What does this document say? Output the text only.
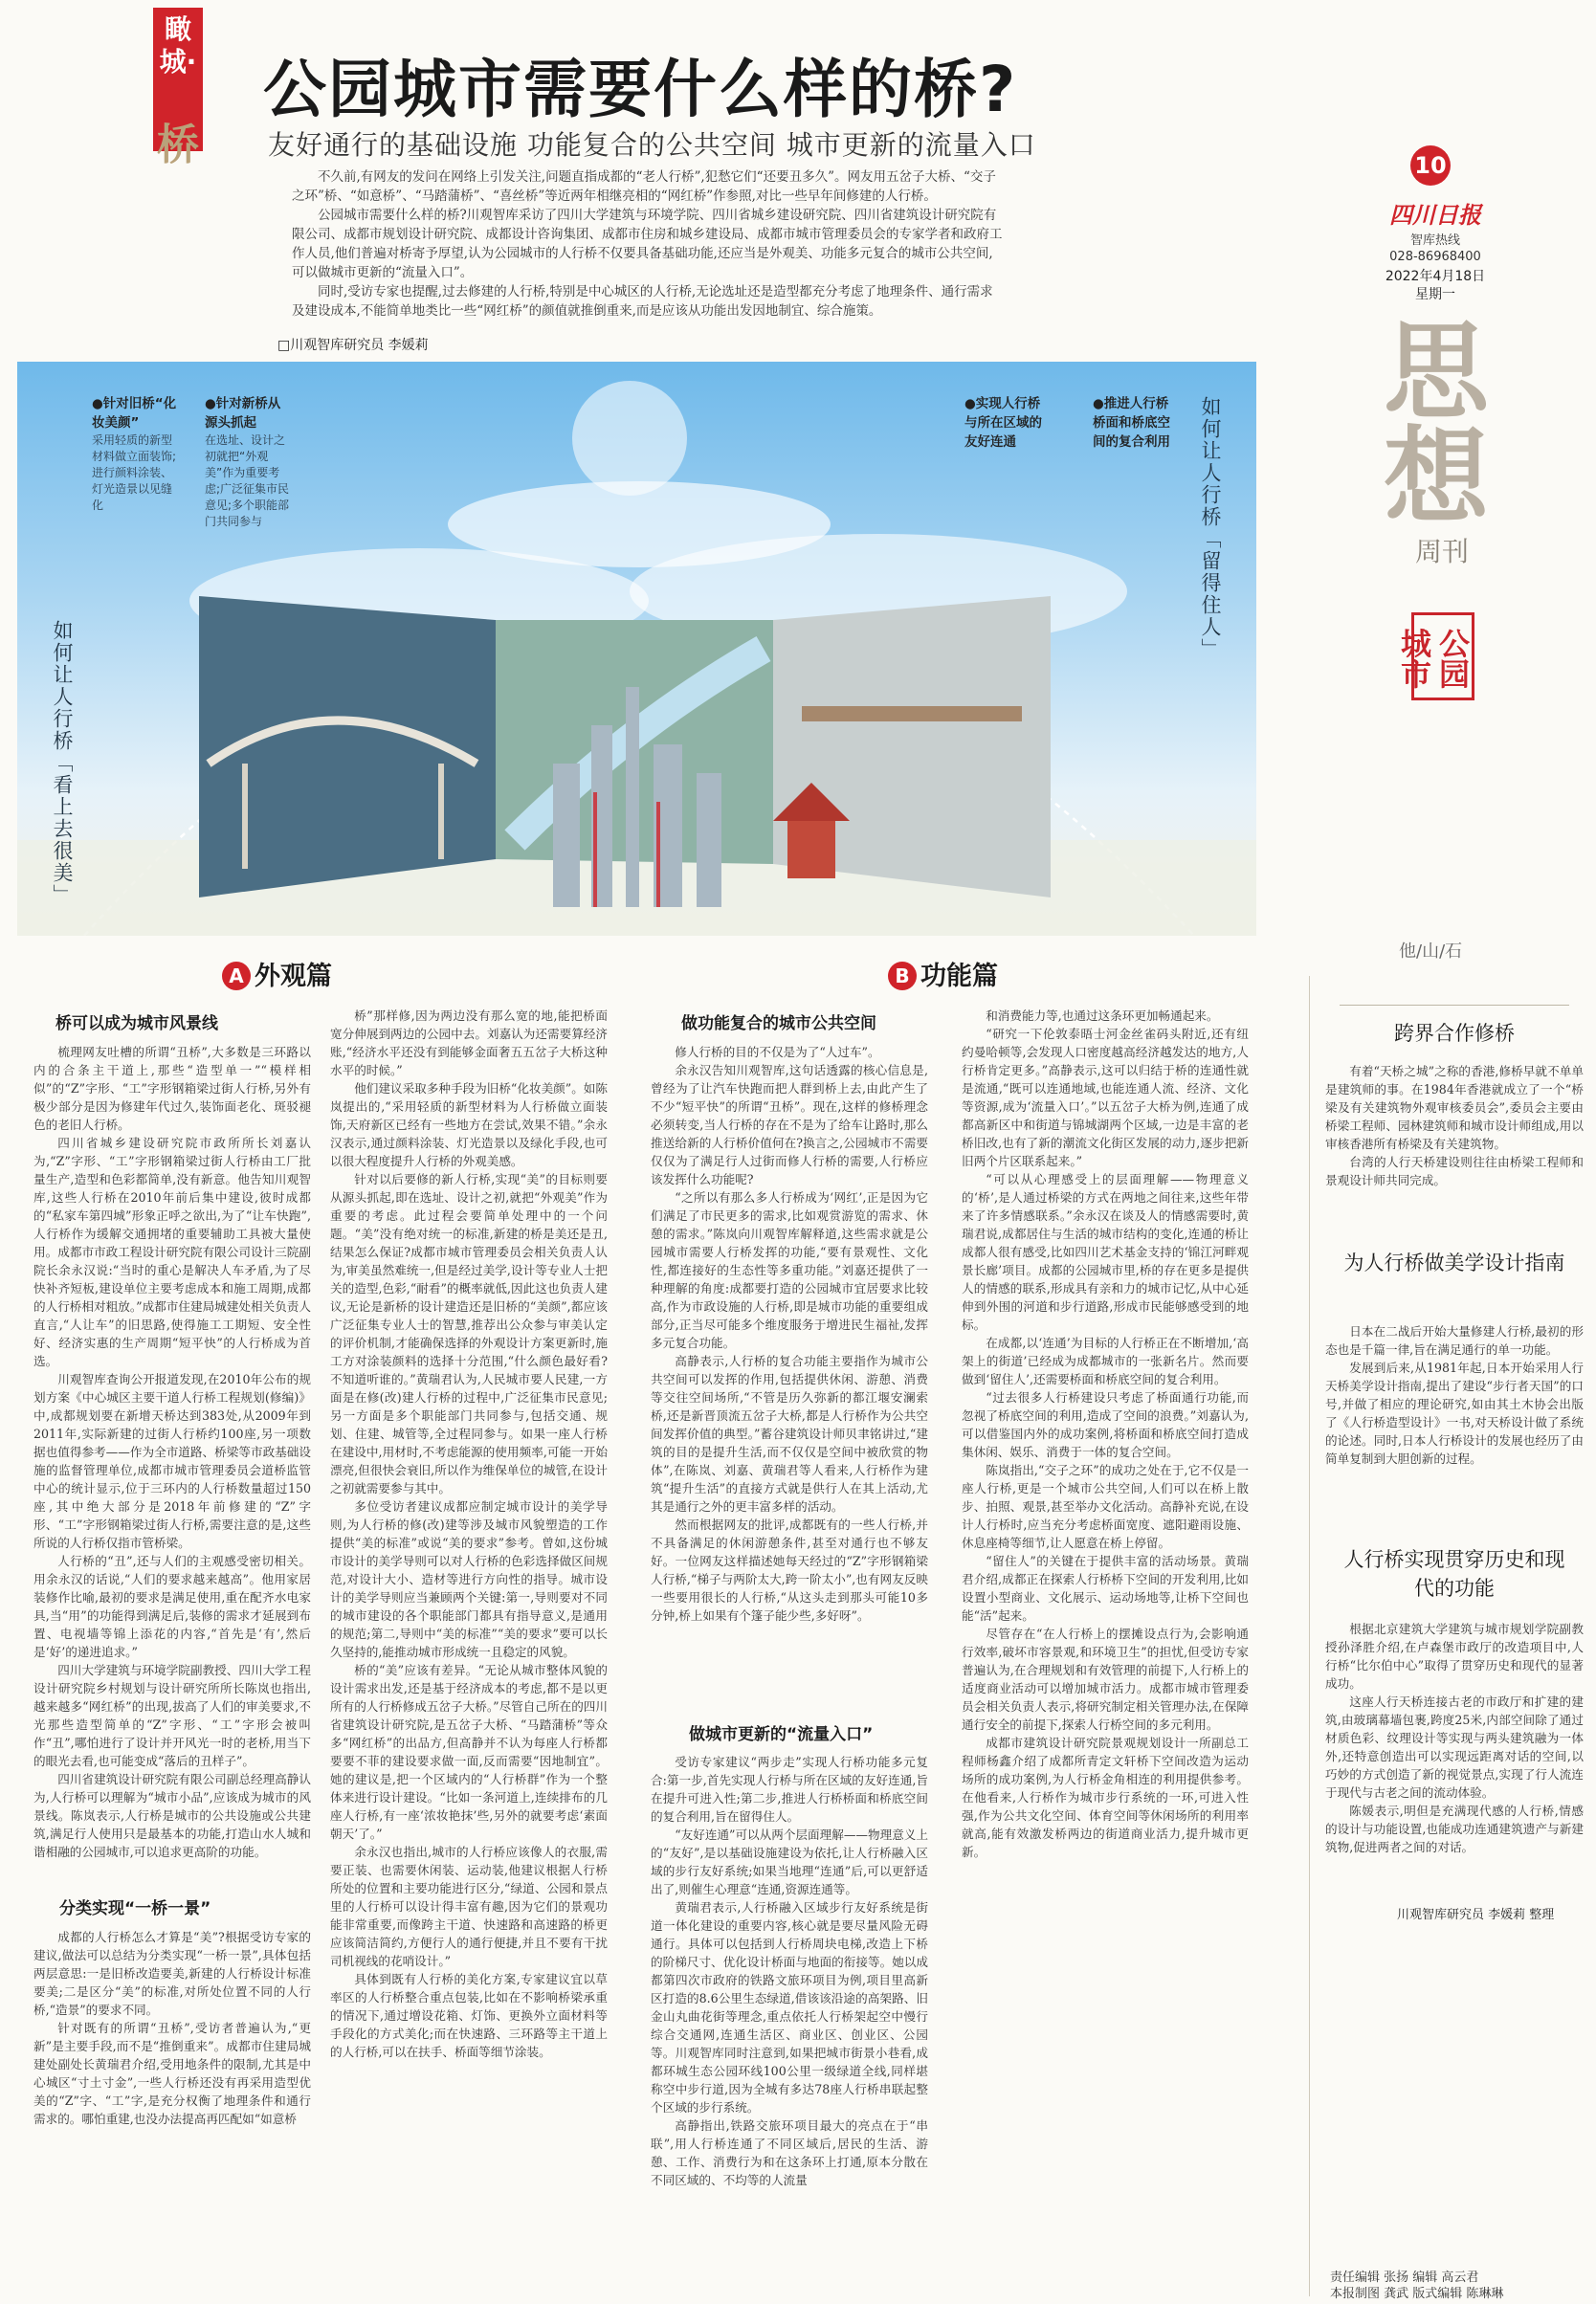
瞰城·
桥
公园城市需要什么样的桥?
友好通行的基础设施 功能复合的公共空间 城市更新的流量入口

不久前,有网友的发问在网络上引发关注,问题直指成都的“老人行桥”,犯愁它们“还要丑多久”。网友用五岔子大桥、“交子之环”桥、“如意桥”、“马踏蒲桥”、“喜丝桥”等近两年相继亮相的“网红桥”作参照,对比一些早年间修建的人行桥。

公园城市需要什么样的桥?川观智库采访了四川大学建筑与环境学院、四川省城乡建设研究院、四川省建筑设计研究院有限公司、成都市规划设计研究院、成都设计咨询集团、成都市住房和城乡建设局、成都市城市管理委员会的专家学者和政府工作人员,他们普遍对桥寄予厚望,认为公园城市的人行桥不仅要具备基础功能,还应当是外观美、功能多元复合的城市公共空间,可以做城市更新的“流量入口”。

同时,受访专家也提醒,过去修建的人行桥,特别是中心城区的人行桥,无论选址还是造型都充分考虑了地理条件、通行需求及建设成本,不能简单地类比一些“网红桥”的颜值就推倒重来,而是应该从功能出发因地制宜、综合施策。

□川观智库研究员 李媛莉
10
四川日报
智库热线
028-86968400
2022年4月18日
星期一
思想
周刊
公园城市
如何让人行桥「看上去很美」
●针对旧桥“化妆美颜”
采用轻质的新型材料做立面装饰;进行颜料涂装、灯光造景以见缝化
●针对新桥从源头抓起
在选址、设计之初就把“外观美”作为重要考虑;广泛征集市民意见;多个职能部门共同参与
●实现人行桥与所在区域的友好连通
●推进人行桥桥面和桥底空间的复合利用	如何让人行桥「留得住人」
A 外观篇	B 功能篇
桥可以成为城市风景线

梳理网友吐槽的所谓“丑桥”,大多数是三环路以内的合条主干道上,那些“造型单一”“模样相似”的“Z”字形、“工”字形钢箱梁过街人行桥,另外有极少部分是因为修建年代过久,装饰面老化、斑驳褪色的老旧人行桥。

四川省城乡建设研究院市政所所长刘嘉认为,“Z”字形、“工”字形钢箱梁过街人行桥由工厂批量生产,造型和色彩都简单,没有新意。他告知川观智库,这些人行桥在2010年前后集中建设,彼时成都的“私家车第四城”形象正呼之欲出,为了“让车快跑”,人行桥作为缓解交通拥堵的重要辅助工具被大量使用。成都市市政工程设计研究院有限公司设计三院副院长余永汉说:“当时的重心是解决人车矛盾,为了尽快补齐短板,建设单位主要考虑成本和施工周期,成都的人行桥相对粗放。”成都市住建局城建处相关负责人直言,“人让车”的旧思路,使得施工工期短、安全性好、经济实惠的生产周期“短平快”的人行桥成为首选。

川观智库查询公开报道发现,在2010年公布的规划方案《中心城区主要干道人行桥工程规划(修编)》中,成都规划要在新增天桥达到383处,从2009年到2011年,实际新建的过街人行桥约100座,另一项数据也值得参考——作为全市道路、桥梁等市政基础设施的监督管理单位,成都市城市管理委员会道桥监管中心的统计显示,位于三环内的人行桥数量超过150座,其中绝大部分是2018年前修建的“Z”字形、“工”字形钢箱梁过街人行桥,需要注意的是,这些所说的人行桥仅指市管桥梁。

人行桥的“丑”,还与人们的主观感受密切相关。用余永汉的话说,“人们的要求越来越高”。他用家居装修作比喻,最初的要求是满足使用,重在配齐水电家具,当“用”的功能得到满足后,装修的需求才延展到布置、电视墙等锦上添花的内容,“首先是‘有’,然后是‘好’的递进追求。”

四川大学建筑与环境学院副教授、四川大学工程设计研究院乡村规划与设计研究所所长陈岚也指出,越来越多“网红桥”的出现,拔高了人们的审美要求,不光那些造型简单的“Z”字形、“工”字形会被叫作“丑”,哪怕进行了设计并开风光一时的老桥,用当下的眼光去看,也可能变成“落后的丑样子”。

四川省建筑设计研究院有限公司副总经理高静认为,人行桥可以理解为“城市小品”,应该成为城市的风景线。陈岚表示,人行桥是城市的公共设施或公共建筑,满足行人使用只是最基本的功能,打造山水人城和谐相融的公园城市,可以追求更高阶的功能。

分类实现“一桥一景”

成都的人行桥怎么才算是“美”?根据受访专家的建议,做法可以总结为分类实现“一桥一景”,具体包括两层意思:一是旧桥改造要美,新建的人行桥设计标准要美;二是区分“美”的标准,对所处位置不同的人行桥,“造景”的要求不同。

针对既有的所谓“丑桥”,受访者普遍认为,“更新”是主要手段,而不是“推倒重来”。成都市住建局城建处副处长黄瑞君介绍,受用地条件的限制,尤其是中心城区“寸土寸金”,一些人行桥还没有再采用造型优美的“Z”字、“工”字,是充分权衡了地理条件和通行需求的。哪怕重建,也没办法提高再匹配如“如意桥

桥”那样修,因为两边没有那么宽的地,能把桥面宽分伸展到两边的公园中去。刘嘉认为还需要算经济账,“经济水平还没有到能够金面奢五五岔子大桥这种水平的时候。”

他们建议采取多种手段为旧桥“化妆美颜”。如陈岚提出的,“采用轻质的新型材料为人行桥做立面装饰,天府新区已经有一些地方在尝试,效果不错。”余永汉表示,通过颜料涂装、灯光造景以及绿化手段,也可以很大程度提升人行桥的外观美感。

针对以后要修的新人行桥,实现“美”的目标则要从源头抓起,即在选址、设计之初,就把“外观美”作为重要的考虑。此过程会要简单处理中的一个问题。“美”没有绝对统一的标准,新建的桥是美还是丑,结果怎么保证?成都市城市管理委员会相关负责人认为,审美虽然难统一,但是经过美学,设计等专业人士把关的造型,色彩,“耐看”的概率就低,因此这也负责人建议,无论是新桥的设计建造还是旧桥的“美颜”,都应该广泛征集专业人士的智慧,推荐出公众参与审美认定的评价机制,才能确保选择的外观设计方案更新时,施工方对涂装颜料的选择十分范围,“什么颜色最好看?不知道听谁的。”黄瑞君认为,人民城市要人民建,一方面是在修(改)建人行桥的过程中,广泛征集市民意见;另一方面是多个职能部门共同参与,包括交通、规划、住建、城管等,全过程同参与。如果一座人行桥在建设中,用材时,不考虑能源的使用频率,可能一开始漂亮,但很快会衰旧,所以作为维保单位的城管,在设计之初就需要参与其中。

多位受访者建议成都应制定城市设计的美学导则,为人行桥的修(改)建等涉及城市风貌塑造的工作提供“美的标准”或说“美的要求”参考。曾如,这份城市设计的美学导则可以对人行桥的色彩选择做区间规范,对设计大小、造材等进行方向性的指导。城市设计的美学导则应当兼顾两个关键:第一,导则要对不同的城市建设的各个职能部门都具有指导意义,是通用的规范;第二,导则中“美的标准”“美的要求”要可以长久坚持的,能推动城市形成统一且稳定的风貌。

桥的“美”应该有差异。“无论从城市整体风貌的设计需求出发,还是基于经济成本的考虑,都不是以更所有的人行桥修成五岔子大桥。”尽管自己所在的四川省建筑设计研究院,是五岔子大桥、“马踏蒲桥”等众多“网红桥”的出品方,但高静并不认为每座人行桥都要要不菲的建设要求做一面,反而需要“因地制宜”。她的建议是,把一个区域内的“人行桥群”作为一个整体来进行设计建设。“比如一条河道上,连续排布的几座人行桥,有一座‘浓妆艳抹’些,另外的就要考虑‘素面朝天’了。”

余永汉也指出,城市的人行桥应该像人的衣服,需要正装、也需要休闲装、运动装,他建议根据人行桥所处的位置和主要功能进行区分,“绿道、公园和景点里的人行桥可以设计得丰富有趣,因为它们的景观功能非常重要,而像跨主干道、快速路和高速路的桥更应该简洁简约,方便行人的通行便捷,并且不要有干扰司机视线的花哨设计。”

具体到既有人行桥的美化方案,专家建议宜以草率区的人行桥整合重点包装,比如在不影响桥梁承重的情况下,通过增设花箱、灯饰、更换外立面材料等手段化的方式美化;而在快速路、三环路等主干道上的人行桥,可以在扶手、桥面等细节涂装。

做功能复合的城市公共空间

修人行桥的目的不仅是为了“人过车”。

余永汉告知川观智库,这句话透露的核心信息是,曾经为了让汽车快跑而把人群到桥上去,由此产生了不少“短平快”的所谓“丑桥”。现在,这样的修桥理念必须转变,当人行桥的存在不是为了给车让路时,那么推送给新的人行桥价值何在?换言之,公园城市不需要仅仅为了满足行人过街而修人行桥的需要,人行桥应该发挥什么功能呢?

“之所以有那么多人行桥成为‘网红’,正是因为它们满足了市民更多的需求,比如观赏游览的需求、休憩的需求。”陈岚向川观智库解释道,这些需求就是公园城市需要人行桥发挥的功能,“要有景观性、文化性,都连接好的生态性等多重功能。”刘嘉还提供了一种理解的角度:成都要打造的公园城市宜居要求比较高,作为市政设施的人行桥,即是城市功能的重要组成部分,正当尽可能多个维度服务于增进民生福祉,发挥多元复合功能。

高静表示,人行桥的复合功能主要指作为城市公共空间可以发挥的作用,包括提供休闲、游憩、消费等交往空间场所,“不管是历久弥新的都江堰安澜索桥,还是新晋顶流五岔子大桥,都是人行桥作为公共空间发挥价值的典型。”蓄谷建筑设计师贝聿铭讲过,“建筑的目的是提升生活,而不仅仅是空间中被欣赏的物体”,在陈岚、刘嘉、黄瑞君等人看来,人行桥作为建筑“提升生活”的直接方式就是供行人在其上活动,尤其是通行之外的更丰富多样的活动。

然而根据网友的批评,成都既有的一些人行桥,并不具备满足的休闲游憩条件,甚至对通行也不够友好。一位网友这样描述她每天经过的“Z”字形钢箱梁人行桥,“梯子与两阶太大,跨一阶太小”,也有网友反映一些要用很长的人行桥,“从这头走到那头可能10多分钟,桥上如果有个篷子能少些,多好呀”。

做城市更新的“流量入口”

受访专家建议“两步走”实现人行桥功能多元复合:第一步,首先实现人行桥与所在区域的友好连通,旨在提升可进入性;第二步,推进人行桥桥面和桥底空间的复合利用,旨在留得住人。

“友好连通”可以从两个层面理解——物理意义上的“友好”,是以基础设施建设为依托,让人行桥融入区域的步行友好系统;如果当地理“连通”后,可以更舒适出了,则催生心理意“连通,资源连通等。

黄瑞君表示,人行桥融入区域步行友好系统是街道一体化建设的重要内容,核心就是要尽量风险无碍通行。具体可以包括到人行桥周块电梯,改造上下桥的阶梯尺寸、优化设计桥面与地面的衔接等。她以成都第四次市政府的铁路文旅环项目为例,项目里高新区打造的8.6公里生态绿道,借该该沿途的高架路、旧金山丸曲花街等理念,重点依托人行桥架起空中慢行综合交通网,连通生活区、商业区、创业区、公园等。川观智库同时注意到,如果把城市街景小巷看,成都环城生态公园环线100公里一级绿道全线,同样堪称空中步行道,因为全城有多达78座人行桥串联起整个区域的步行系统。

高静指出,铁路交旅环项目最大的亮点在于“串联”,用人行桥连通了不同区域后,居民的生活、游憩、工作、消费行为和在这条环上打通,原本分散在不同区域的、不均等的人流量

和消费能力等,也通过这条环更加畅通起来。

“研究一下伦敦泰晤士河金丝雀码头附近,还有纽约曼哈顿等,会发现人口密度越高经济越发达的地方,人行桥肯定更多。”高静表示,这可以归结于桥的连通性就是流通,“既可以连通地域,也能连通人流、经济、文化等资源,成为‘流量入口’。”以五岔子大桥为例,连通了成都高新区中和街道与锦城湖两个区域,一边是丰富的老桥旧改,也有了新的潮流文化街区发展的动力,逐步把新旧两个片区联系起来。”

“可以从心理感受上的层面理解——物理意义的‘桥’,是人通过桥梁的方式在两地之间往来,这些年带来了许多情感联系。”余永汉在谈及人的情感需要时,黄瑞君说,成都居住与生活的城市结构的变化,连通的桥让成都人很有感受,比如四川艺术基金支持的‘锦江河畔观景长廊’项目。成都的公园城市里,桥的存在更多是提供人的情感的联系,形成具有亲和力的城市记忆,从中心延伸到外围的河道和步行道路,形成市民能够感受到的地标。

在成都,以‘连通’为目标的人行桥正在不断增加,‘高架上的街道’已经成为成都城市的一张新名片。然而要做到‘留住人’,还需要桥面和桥底空间的复合利用。

“过去很多人行桥建设只考虑了桥面通行功能,而忽视了桥底空间的利用,造成了空间的浪费。”刘嘉认为,可以借鉴国内外的成功案例,将桥面和桥底空间打造成集休闲、娱乐、消费于一体的复合空间。

陈岚指出,“交子之环”的成功之处在于,它不仅是一座人行桥,更是一个城市公共空间,人们可以在桥上散步、拍照、观景,甚至举办文化活动。高静补充说,在设计人行桥时,应当充分考虑桥面宽度、遮阳避雨设施、休息座椅等细节,让人愿意在桥上停留。

“留住人”的关键在于提供丰富的活动场景。黄瑞君介绍,成都正在探索人行桥桥下空间的开发利用,比如设置小型商业、文化展示、运动场地等,让桥下空间也能“活”起来。

尽管存在“在人行桥上的摆摊设点行为,会影响通行效率,破坏市容景观,和环境卫生”的担忧,但受访专家普遍认为,在合理规划和有效管理的前提下,人行桥上的适度商业活动可以增加城市活力。成都市城市管理委员会相关负责人表示,将研究制定相关管理办法,在保障通行安全的前提下,探索人行桥空间的多元利用。

成都市建筑设计研究院景观规划设计一所副总工程师杨鑫介绍了成都所青定文轩桥下空间改造为运动场所的成功案例,为人行桥金角相连的利用提供参考。在他看来,人行桥作为城市步行系统的一环,可进入性强,作为公共文化空间、体育空间等休闲场所的利用率就高,能有效激发桥两边的街道商业活力,提升城市更新。

他/山/石
跨界合作修桥

有着“天桥之城”之称的香港,修桥早就不单单是建筑师的事。在1984年香港就成立了一个“桥梁及有关建筑物外观审核委员会”,委员会主要由桥梁工程师、园林建筑师和城市设计师组成,用以审核香港所有桥梁及有关建筑物。

台湾的人行天桥建设则往往由桥梁工程师和景观设计师共同完成。

为人行桥做美学设计指南

日本在二战后开始大量修建人行桥,最初的形态也是千篇一律,旨在满足通行的单一功能。

发展到后来,从1981年起,日本开始采用人行天桥美学设计指南,提出了建设“步行者天国”的口号,并做了相应的理论研究,如由其土木协会出版了《人行桥造型设计》一书,对天桥设计做了系统的论述。同时,日本人行桥设计的发展也经历了由简单复制到大胆创新的过程。

人行桥实现贯穿历史和现代的功能

根据北京建筑大学建筑与城市规划学院副教授孙泽胜介绍,在卢森堡市政厅的改造项目中,人行桥“比尔伯中心”取得了贯穿历史和现代的显著成功。

这座人行天桥连接古老的市政厅和扩建的建筑,由玻璃幕墙包裹,跨度25米,内部空间除了通过材质色彩、纹理设计等实现与两头建筑融为一体外,还特意创造出可以实现远距离对话的空间,以巧妙的方式创造了新的视觉景点,实现了行人流连于现代与古老之间的流动体验。

陈媛表示,明但是充满现代感的人行桥,情感的设计与功能设置,也能成功连通建筑遗产与新建筑物,促进两者之间的对话。

川观智库研究员 李媛莉 整理
责任编辑 张扬 编辑 高云君
本报制图 龚武 版式编辑 陈琳琳
